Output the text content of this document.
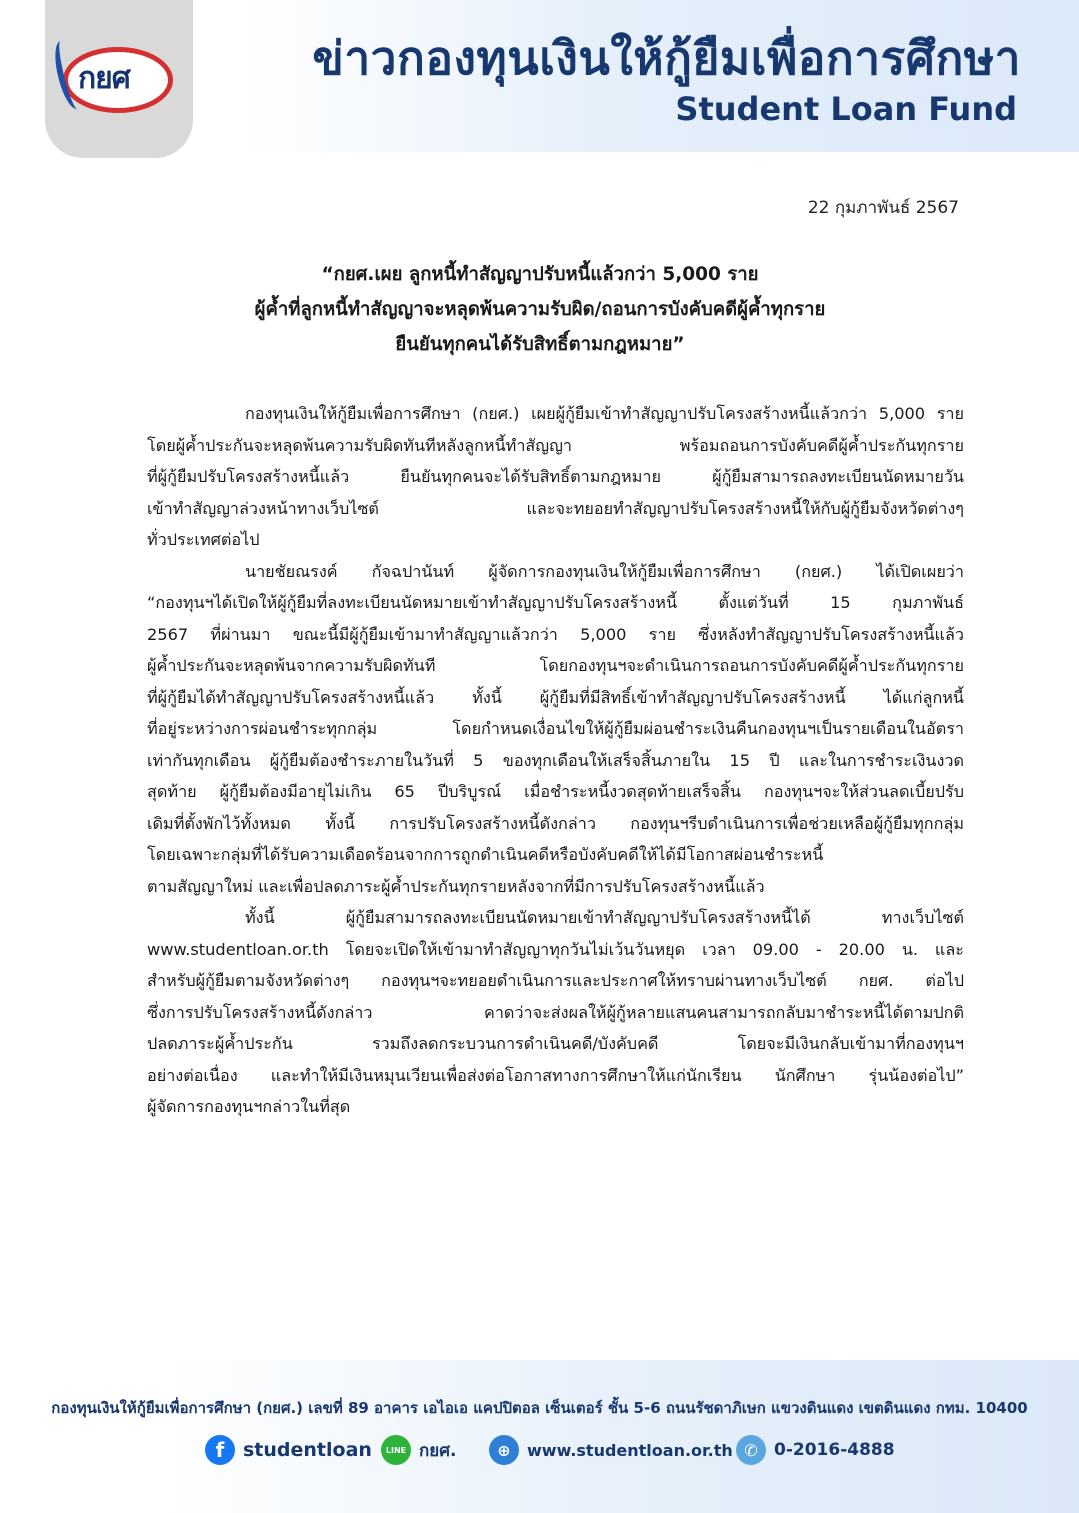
กยศ	ข่าวกองทุนเงินให้กู้ยืมเพื่อการศึกษา
Student Loan Fund
22 กุมภาพันธ์ 2567
“กยศ.เผย ลูกหนี้ทำสัญญาปรับหนี้แล้วกว่า 5,000 ราย
ผู้ค้ำที่ลูกหนี้ทำสัญญาจะหลุดพ้นความรับผิด/ถอนการบังคับคดีผู้ค้ำทุกราย
ยืนยันทุกคนได้รับสิทธิ์ตามกฎหมาย”

กองทุนเงินให้กู้ยืมเพื่อการศึกษา (กยศ.) เผยผู้กู้ยืมเข้าทำสัญญาปรับโครงสร้างหนี้แล้วกว่า 5,000 ราย
โดยผู้ค้ำประกันจะหลุดพ้นความรับผิดทันทีหลังลูกหนี้ทำสัญญา พร้อมถอนการบังคับคดีผู้ค้ำประกันทุกราย
ที่ผู้กู้ยืมปรับโครงสร้างหนี้แล้ว ยืนยันทุกคนจะได้รับสิทธิ์ตามกฎหมาย ผู้กู้ยืมสามารถลงทะเบียนนัดหมายวัน
เข้าทำสัญญาล่วงหน้าทางเว็บไซต์ และจะทยอยทำสัญญาปรับโครงสร้างหนี้ให้กับผู้กู้ยืมจังหวัดต่างๆ
ทั่วประเทศต่อไป

นายชัยณรงค์ กัจฉปานันท์ ผู้จัดการกองทุนเงินให้กู้ยืมเพื่อการศึกษา (กยศ.) ได้เปิดเผยว่า
“กองทุนฯได้เปิดให้ผู้กู้ยืมที่ลงทะเบียนนัดหมายเข้าทำสัญญาปรับโครงสร้างหนี้ ตั้งแต่วันที่ 15 กุมภาพันธ์
2567 ที่ผ่านมา ขณะนี้มีผู้กู้ยืมเข้ามาทำสัญญาแล้วกว่า 5,000 ราย ซึ่งหลังทำสัญญาปรับโครงสร้างหนี้แล้ว
ผู้ค้ำประกันจะหลุดพ้นจากความรับผิดทันที โดยกองทุนฯจะดำเนินการถอนการบังคับคดีผู้ค้ำประกันทุกราย
ที่ผู้กู้ยืมได้ทำสัญญาปรับโครงสร้างหนี้แล้ว ทั้งนี้ ผู้กู้ยืมที่มีสิทธิ์เข้าทำสัญญาปรับโครงสร้างหนี้ ได้แก่ลูกหนี้
ที่อยู่ระหว่างการผ่อนชำระทุกกลุ่ม โดยกำหนดเงื่อนไขให้ผู้กู้ยืมผ่อนชำระเงินคืนกองทุนฯเป็นรายเดือนในอัตรา
เท่ากันทุกเดือน ผู้กู้ยืมต้องชำระภายในวันที่ 5 ของทุกเดือนให้เสร็จสิ้นภายใน 15 ปี และในการชำระเงินงวด
สุดท้าย ผู้กู้ยืมต้องมีอายุไม่เกิน 65 ปีบริบูรณ์ เมื่อชำระหนี้งวดสุดท้ายเสร็จสิ้น กองทุนฯจะให้ส่วนลดเบี้ยปรับ
เดิมที่ตั้งพักไว้ทั้งหมด ทั้งนี้ การปรับโครงสร้างหนี้ดังกล่าว กองทุนฯรีบดำเนินการเพื่อช่วยเหลือผู้กู้ยืมทุกกลุ่ม
โดยเฉพาะกลุ่มที่ได้รับความเดือดร้อนจากการถูกดำเนินคดีหรือบังคับคดีให้ได้มีโอกาสผ่อนชำระหนี้
ตามสัญญาใหม่ และเพื่อปลดภาระผู้ค้ำประกันทุกรายหลังจากที่มีการปรับโครงสร้างหนี้แล้ว

ทั้งนี้ ผู้กู้ยืมสามารถลงทะเบียนนัดหมายเข้าทำสัญญาปรับโครงสร้างหนี้ได้ ทางเว็บไซต์
www.studentloan.or.th โดยจะเปิดให้เข้ามาทำสัญญาทุกวันไม่เว้นวันหยุด เวลา 09.00 - 20.00 น. และ
สำหรับผู้กู้ยืมตามจังหวัดต่างๆ กองทุนฯจะทยอยดำเนินการและประกาศให้ทราบผ่านทางเว็บไซต์ กยศ. ต่อไป
ซึ่งการปรับโครงสร้างหนี้ดังกล่าว คาดว่าจะส่งผลให้ผู้กู้หลายแสนคนสามารถกลับมาชำระหนี้ได้ตามปกติ
ปลดภาระผู้ค้ำประกัน รวมถึงลดกระบวนการดำเนินคดี/บังคับคดี โดยจะมีเงินกลับเข้ามาที่กองทุนฯ
อย่างต่อเนื่อง และทำให้มีเงินหมุนเวียนเพื่อส่งต่อโอกาสทางการศึกษาให้แก่นักเรียน นักศึกษา รุ่นน้องต่อไป”
ผู้จัดการกองทุนฯกล่าวในที่สุด

กองทุนเงินให้กู้ยืมเพื่อการศึกษา (กยศ.) เลขที่ 89 อาคาร เอไอเอ แคปปิตอล เซ็นเตอร์ ชั้น 5-6 ถนนรัชดาภิเษก แขวงดินแดง เขตดินแดง กทม. 10400
f studentloan	LINE กยศ.	⊕	www.studentloan.or.th ✆ 0-2016-4888
